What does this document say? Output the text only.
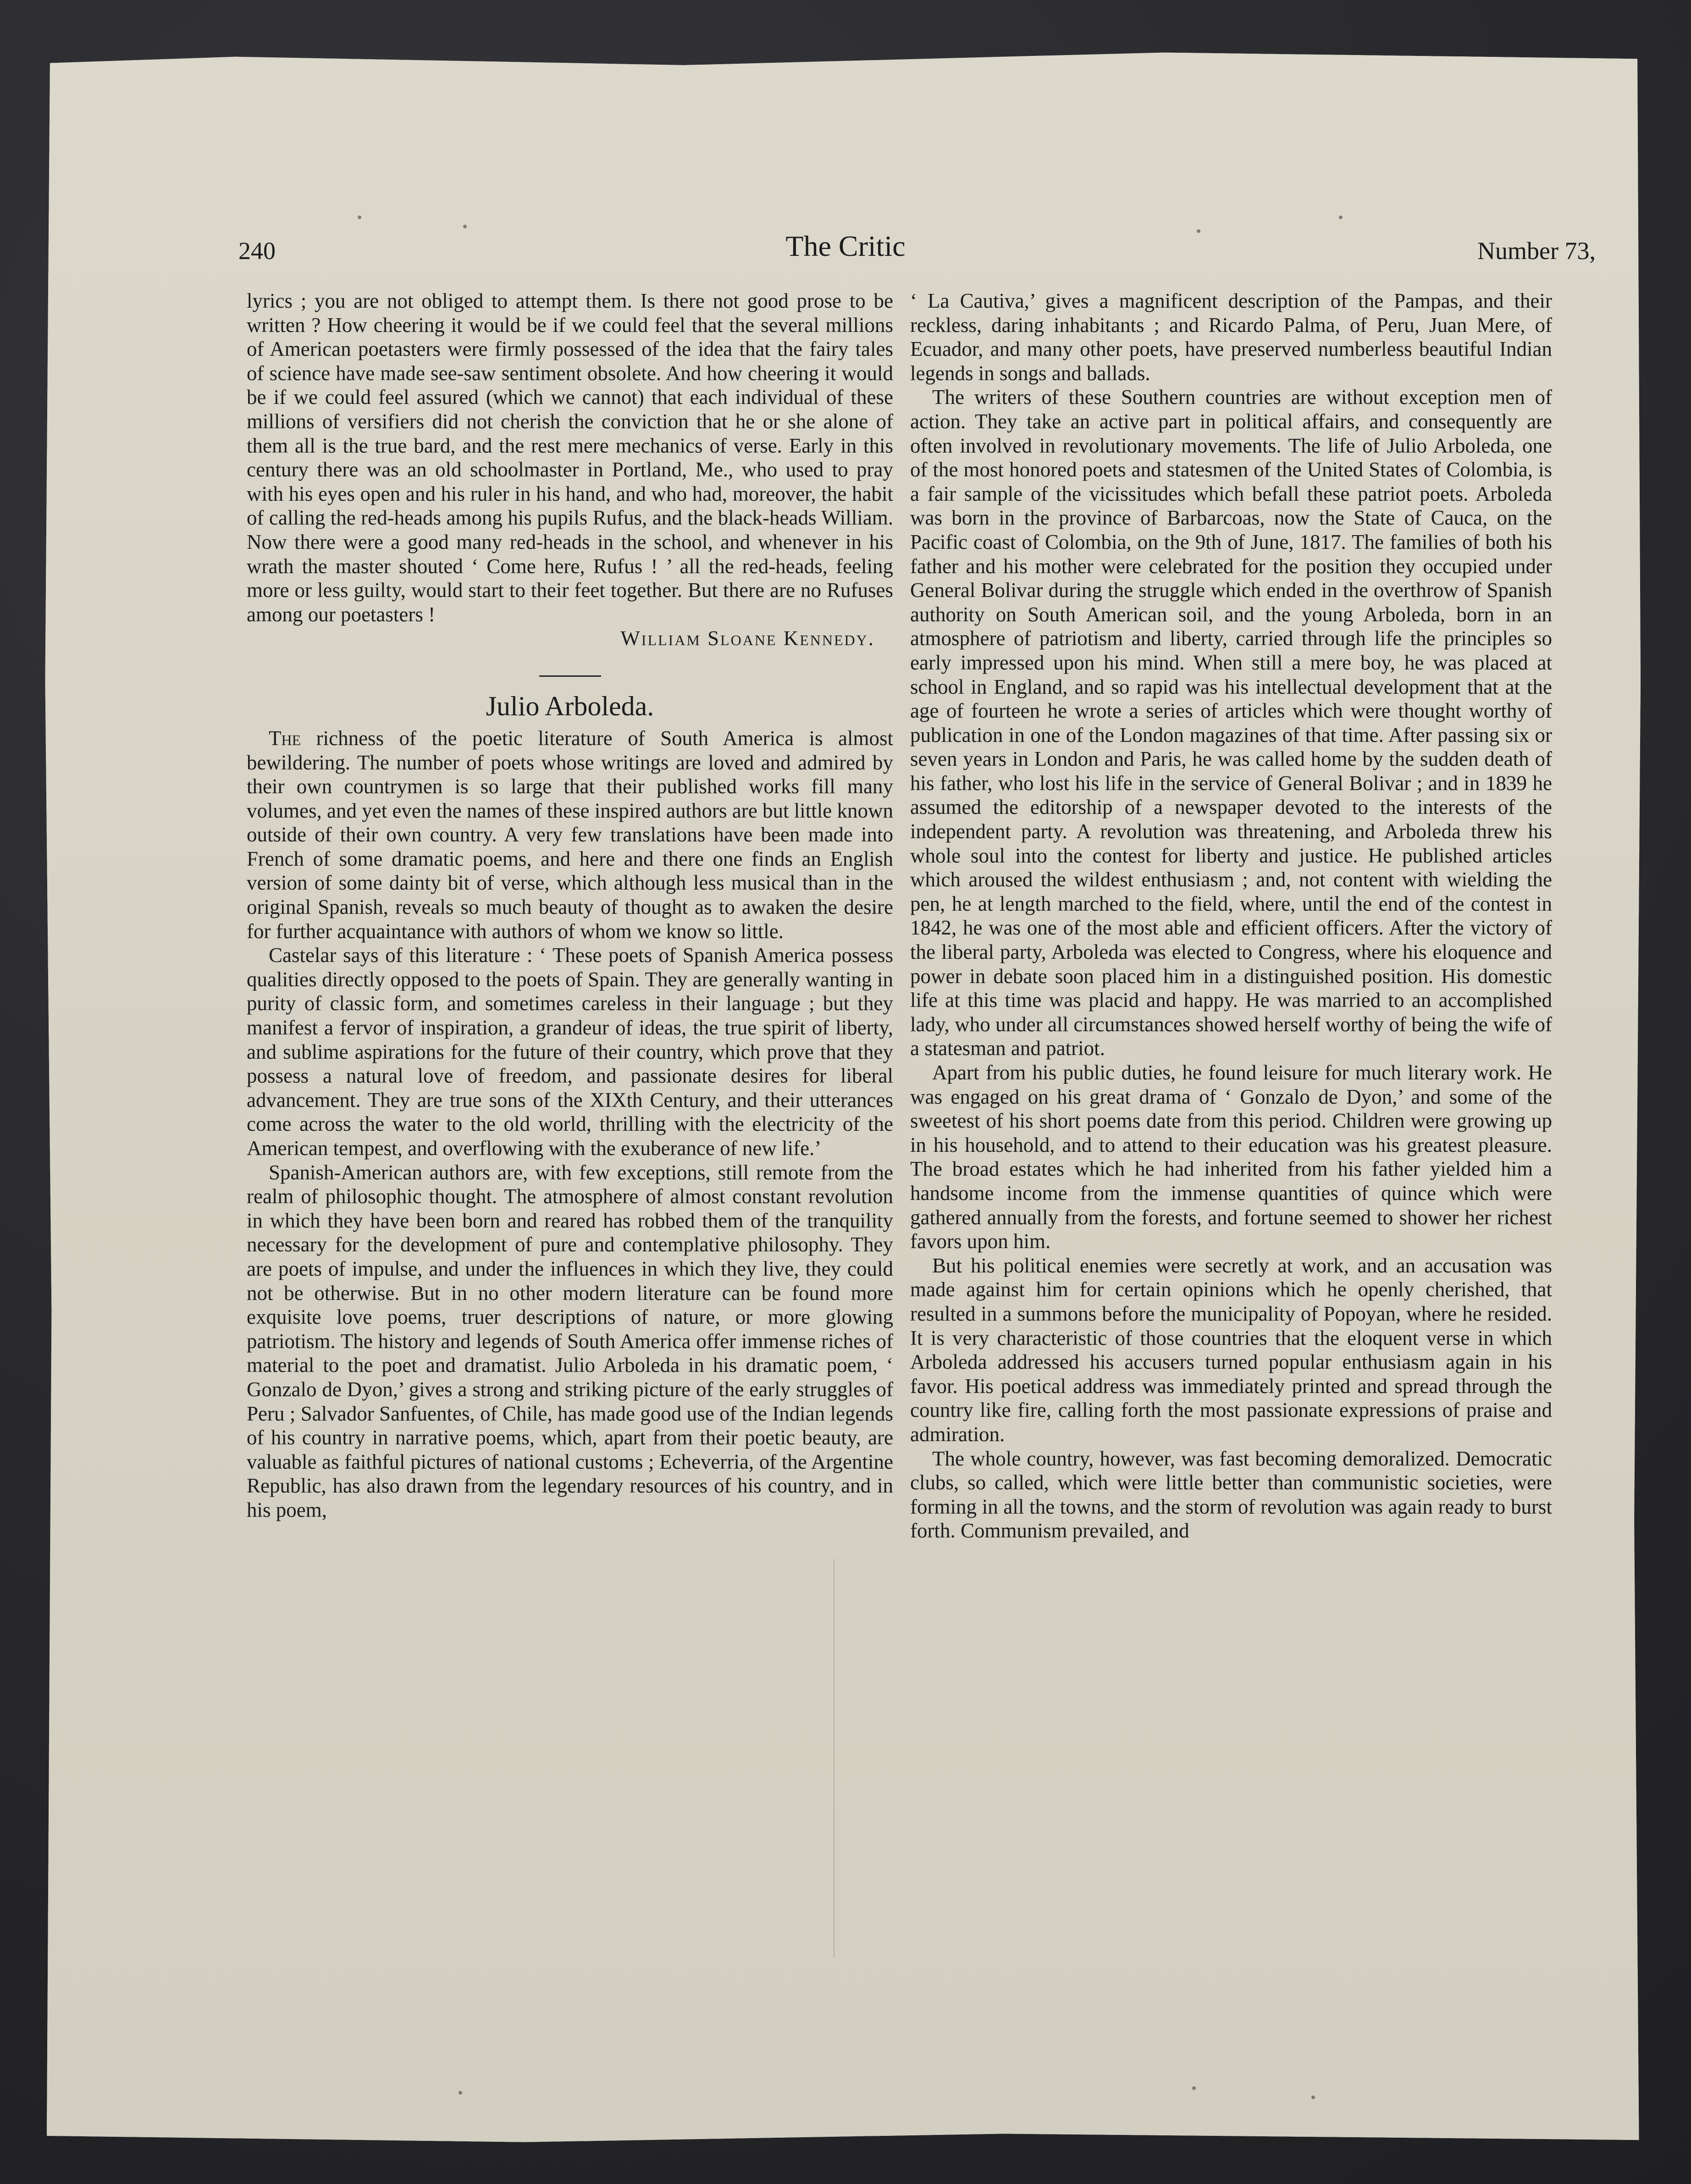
240	The Critic	Number 73,

lyrics ; you are not obliged to attempt them. Is there not good prose to be written ? How cheering it would be if we could feel that the several millions of American poetasters were firmly possessed of the idea that the fairy tales of science have made see-saw sentiment obsolete. And how cheering it would be if we could feel assured (which we cannot) that each individual of these millions of versifiers did not cherish the conviction that he or she alone of them all is the true bard, and the rest mere mechanics of verse. Early in this century there was an old schoolmaster in Portland, Me., who used to pray with his eyes open and his ruler in his hand, and who had, moreover, the habit of calling the red-heads among his pupils Rufus, and the black-heads William. Now there were a good many red-heads in the school, and whenever in his wrath the master shouted ‘ Come here, Rufus ! ’ all the red-heads, feeling more or less guilty, would start to their feet together. But there are no Rufuses among our poetasters !

William Sloane Kennedy.

Julio Arboleda.

The richness of the poetic literature of South America is almost bewildering. The number of poets whose writings are loved and admired by their own countrymen is so large that their published works fill many volumes, and yet even the names of these inspired authors are but little known outside of their own country. A very few translations have been made into French of some dramatic poems, and here and there one finds an English version of some dainty bit of verse, which although less musical than in the original Spanish, reveals so much beauty of thought as to awaken the desire for further acquaintance with authors of whom we know so little.

Castelar says of this literature : ‘ These poets of Spanish America possess qualities directly opposed to the poets of Spain. They are generally wanting in purity of classic form, and sometimes careless in their language ; but they manifest a fervor of inspiration, a grandeur of ideas, the true spirit of liberty, and sublime aspirations for the future of their country, which prove that they possess a natural love of freedom, and passionate desires for liberal advancement. They are true sons of the XIXth Century, and their utterances come across the water to the old world, thrilling with the electricity of the American tempest, and overflowing with the exuberance of new life.’

Spanish-American authors are, with few exceptions, still remote from the realm of philosophic thought. The atmosphere of almost constant revolution in which they have been born and reared has robbed them of the tranquility necessary for the development of pure and contemplative philosophy. They are poets of impulse, and under the influences in which they live, they could not be otherwise. But in no other modern literature can be found more exquisite love poems, truer descriptions of nature, or more glowing patriotism. The history and legends of South America offer immense riches of material to the poet and dramatist. Julio Arboleda in his dramatic poem, ‘ Gonzalo de Dyon,’ gives a strong and striking picture of the early struggles of Peru ; Salvador Sanfuentes, of Chile, has made good use of the Indian legends of his country in narrative poems, which, apart from their poetic beauty, are valuable as faithful pictures of national customs ; Echeverria, of the Argentine Republic, has also drawn from the legendary resources of his country, and in his poem,

‘ La Cautiva,’ gives a magnificent description of the Pampas, and their reckless, daring inhabitants ; and Ricardo Palma, of Peru, Juan Mere, of Ecuador, and many other poets, have preserved numberless beautiful Indian legends in songs and ballads.

The writers of these Southern countries are without exception men of action. They take an active part in political affairs, and consequently are often involved in revolutionary movements. The life of Julio Arboleda, one of the most honored poets and statesmen of the United States of Colombia, is a fair sample of the vicissitudes which befall these patriot poets. Arboleda was born in the province of Barbarcoas, now the State of Cauca, on the Pacific coast of Colombia, on the 9th of June, 1817. The families of both his father and his mother were celebrated for the position they occupied under General Bolivar during the struggle which ended in the overthrow of Spanish authority on South American soil, and the young Arboleda, born in an atmosphere of patriotism and liberty, carried through life the principles so early impressed upon his mind. When still a mere boy, he was placed at school in England, and so rapid was his intellectual development that at the age of fourteen he wrote a series of articles which were thought worthy of publication in one of the London magazines of that time. After passing six or seven years in London and Paris, he was called home by the sudden death of his father, who lost his life in the service of General Bolivar ; and in 1839 he assumed the editorship of a newspaper devoted to the interests of the independent party. A revolution was threatening, and Arboleda threw his whole soul into the contest for liberty and justice. He published articles which aroused the wildest enthusiasm ; and, not content with wielding the pen, he at length marched to the field, where, until the end of the contest in 1842, he was one of the most able and efficient officers. After the victory of the liberal party, Arboleda was elected to Congress, where his eloquence and power in debate soon placed him in a distinguished position. His domestic life at this time was placid and happy. He was married to an accomplished lady, who under all circumstances showed herself worthy of being the wife of a statesman and patriot.

Apart from his public duties, he found leisure for much literary work. He was engaged on his great drama of ‘ Gonzalo de Dyon,’ and some of the sweetest of his short poems date from this period. Children were growing up in his household, and to attend to their education was his greatest pleasure. The broad estates which he had inherited from his father yielded him a handsome income from the immense quantities of quince which were gathered annually from the forests, and fortune seemed to shower her richest favors upon him.

But his political enemies were secretly at work, and an accusation was made against him for certain opinions which he openly cherished, that resulted in a summons before the municipality of Popoyan, where he resided. It is very characteristic of those countries that the eloquent verse in which Arboleda addressed his accusers turned popular enthusiasm again in his favor. His poetical address was immediately printed and spread through the country like fire, calling forth the most passionate expressions of praise and admiration.

The whole country, however, was fast becoming demoralized. Democratic clubs, so called, which were little better than communistic societies, were forming in all the towns, and the storm of revolution was again ready to burst forth. Communism prevailed, and
